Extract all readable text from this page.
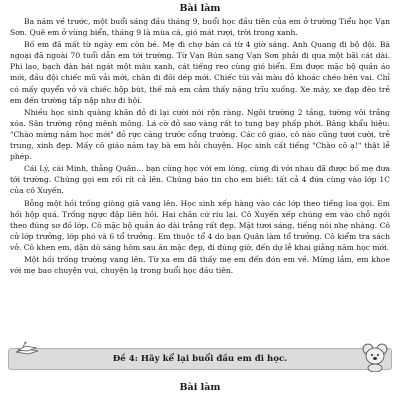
Bài làm

Ba năm về trước, một buổi sáng đầu tháng 9, buổi học đầu tiên của em ở trường Tiểu học Vạn Sơn. Quê em ở vùng biển, tháng 9 là mùa cá, gió mát rượi, trời trong xanh.

Bố em đã mất từ ngày em còn bé. Mẹ đi chợ bán cá từ 4 giờ sáng. Anh Quang đi bộ đội. Bà ngoại đã ngoài 70 tuổi dẫn em tới trường. Từ Vạn Bún sang Vạn Sơn phải đi qua một bãi cát dài. Phi lao, bạch đàn bát ngát một màu xanh, cát tiếng reo cùng gió biển. Em được mặc bộ quần áo mới, đầu đội chiếc mũ vải mới, chân đi đôi dép mới. Chiếc túi vải màu đỏ khoác chéo bên vai. Chỉ có mấy quyển vở và chiếc hộp bút, thế mà em cảm thấy nặng trĩu xuống. Xe máy, xe đạp đèo trẻ em đến trường tấp nập như đi hội.

Nhiều học sinh quàng khăn đỏ đi lại cười nói rộn ràng. Ngôi trường 2 tầng, tường vôi trắng xóa. Sân trường rộng mênh mông. Lá cờ đỏ sao vàng rất to tung bay phấp phới. Băng khẩu hiệu: "Chào mừng năm học mới" đỏ rực căng trước cổng trường. Các cô giáo, cô nào cũng tươi cười, trẻ trung, xinh đẹp. Mấy cô giáo năm tay bà em hỏi chuyện. Học sinh cất tiếng "Chào cô ạ!" thật lễ phép.

Cái Lý, cái Minh, thằng Quân... bạn cùng học với em lòng, cùng đi với nhau đã được bố mẹ đưa tới trường. Chúng gọi em rối rít cả lên. Chúng báo tin cho em biết: tất cả 4 đứa cùng vào lớp 1C của cô Xuyến.

Bỗng một hồi trống giòng giã vang lên. Học sinh xếp hàng vào các lớp theo tiếng loa gọi. Em hồi hộp quá. Trống ngực đập liên hồi. Hai chân cứ ríu lại. Cô Xuyến xếp chúng em vào chỗ ngồi theo đúng sơ đồ lớp. Cô mặc bộ quần áo dài trắng rất đẹp. Mặt tươi sáng, tiếng nói nhẹ nhàng. Cô cử lớp trưởng, lớp phó và 6 tổ trưởng. Em thuộc tổ 4 do bạn Quân làm tổ trưởng. Cô kiểm tra sách vở. Cô khen em, dặn dò sáng hôm sau ăn mặc đẹp, đi đúng giờ, đến dự lễ khai giảng năm học mới.

Một hồi trống trường vang lên. Từ xa em đã thấy mẹ em đến đón em về. Mừng lắm, em khoe với mẹ bao chuyện vui, chuyện lạ trong buổi học đầu tiên.

Đề 4: Hãy kể lại buổi đầu em đi học.
Bài làm
